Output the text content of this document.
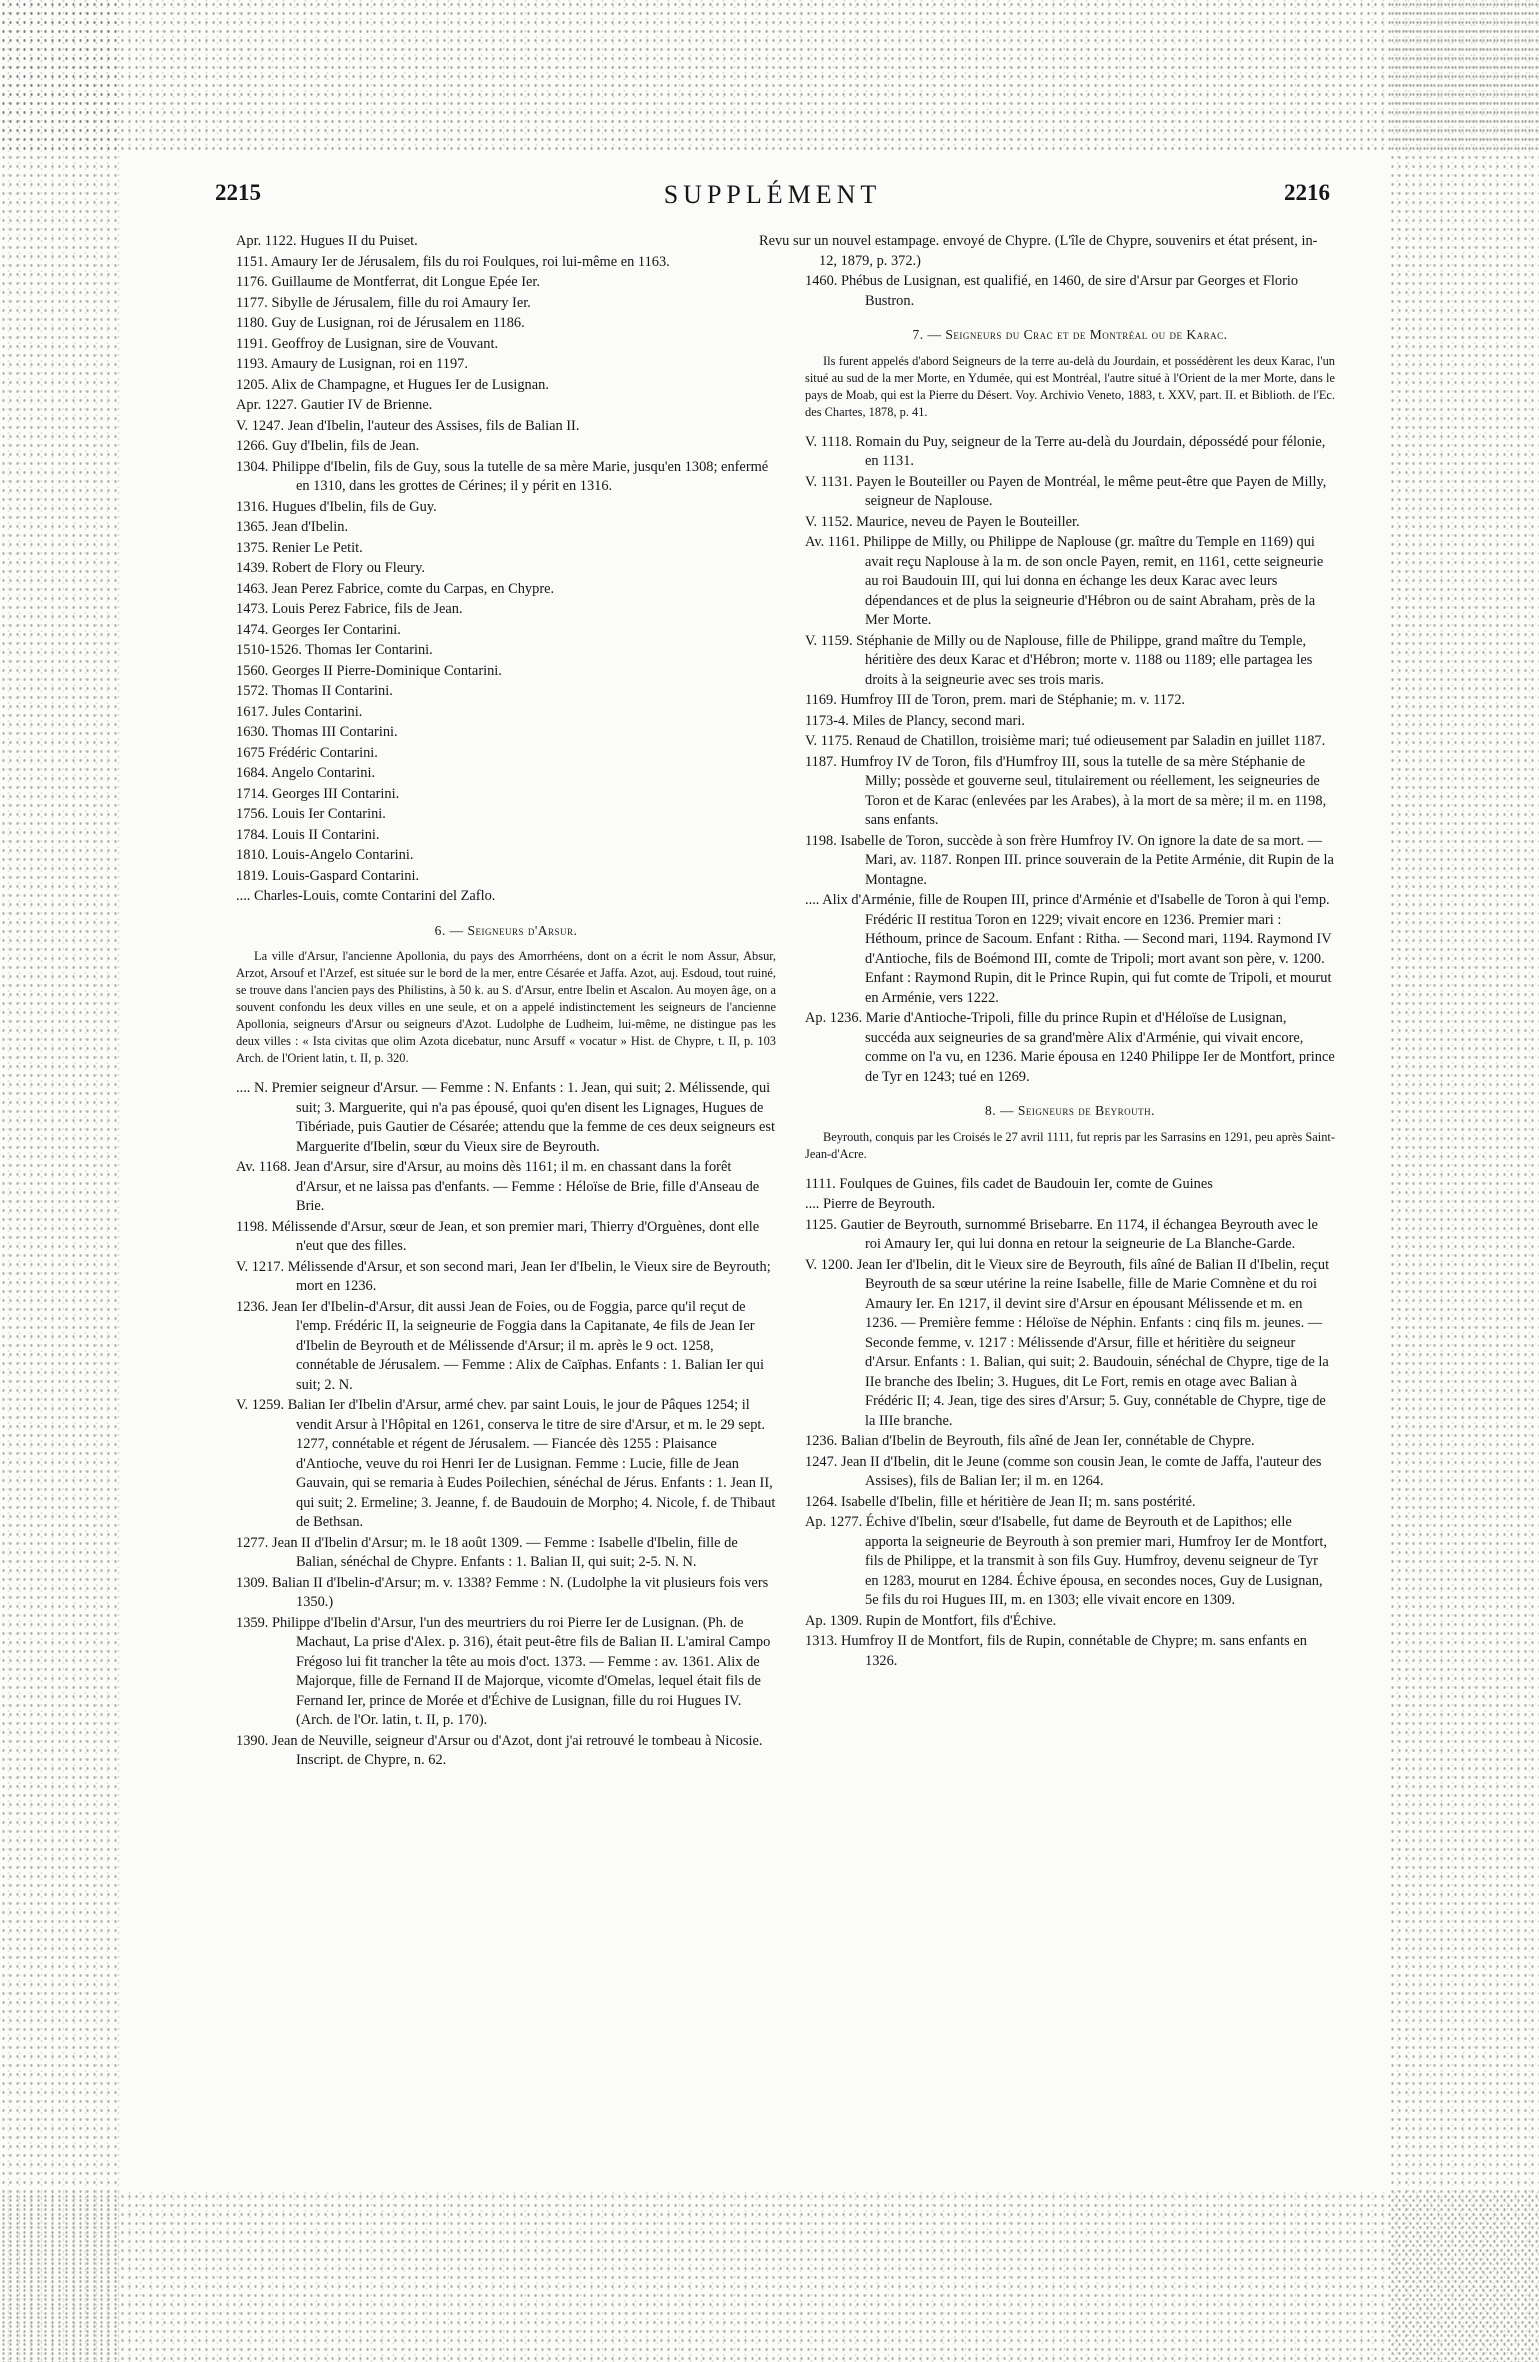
2215	SUPPLÉMENT	2216
Apr. 1122. Hugues II du Puiset.
1151. Amaury Ier de Jérusalem, fils du roi Foulques, roi lui-même en 1163.
1176. Guillaume de Montferrat, dit Longue Epée Ier.
1177. Sibylle de Jérusalem, fille du roi Amaury Ier.
1180. Guy de Lusignan, roi de Jérusalem en 1186.
1191. Geoffroy de Lusignan, sire de Vouvant.
1193. Amaury de Lusignan, roi en 1197.
1205. Alix de Champagne, et Hugues Ier de Lusignan.
Apr. 1227. Gautier IV de Brienne.
V. 1247. Jean d'Ibelin, l'auteur des Assises, fils de Balian II.
1266. Guy d'Ibelin, fils de Jean.
1304. Philippe d'Ibelin, fils de Guy, sous la tutelle de sa mère Marie, jusqu'en 1308; enfermé en 1310, dans les grottes de Cérines; il y périt en 1316.
1316. Hugues d'Ibelin, fils de Guy.
1365. Jean d'Ibelin.
1375. Renier Le Petit.
1439. Robert de Flory ou Fleury.
1463. Jean Perez Fabrice, comte du Carpas, en Chypre.
1473. Louis Perez Fabrice, fils de Jean.
1474. Georges Ier Contarini.
1510-1526. Thomas Ier Contarini.
1560. Georges II Pierre-Dominique Contarini.
1572. Thomas II Contarini.
1617. Jules Contarini.
1630. Thomas III Contarini.
1675 Frédéric Contarini.
1684. Angelo Contarini.
1714. Georges III Contarini.
1756. Louis Ier Contarini.
1784. Louis II Contarini.
1810. Louis-Angelo Contarini.
1819. Louis-Gaspard Contarini.
.... Charles-Louis, comte Contarini del Zaflo.
6. — Seigneurs d'Arsur.
La ville d'Arsur, l'ancienne Apollonia, du pays des Amorrhéens, dont on a écrit le nom Assur, Absur, Arzot, Arsouf et l'Arzef, est située sur le bord de la mer, entre Césarée et Jaffa. Azot, auj. Esdoud, tout ruiné, se trouve dans l'ancien pays des Philistins, à 50 k. au S. d'Arsur, entre Ibelin et Ascalon. Au moyen âge, on a souvent confondu les deux villes en une seule, et on a appelé indistinctement les seigneurs de l'ancienne Apollonia, seigneurs d'Arsur ou seigneurs d'Azot. Ludolphe de Ludheim, lui-même, ne distingue pas les deux villes : « Ista civitas que olim Azota dicebatur, nunc Arsuff « vocatur » Hist. de Chypre, t. II, p. 103 Arch. de l'Orient latin, t. II, p. 320.
.... N. Premier seigneur d'Arsur. — Femme : N. Enfants : 1. Jean, qui suit; 2. Mélissende, qui suit; 3. Marguerite, qui n'a pas épousé, quoi qu'en disent les Lignages, Hugues de Tibériade, puis Gautier de Césarée; attendu que la femme de ces deux seigneurs est Marguerite d'Ibelin, sœur du Vieux sire de Beyrouth.
Av. 1168. Jean d'Arsur, sire d'Arsur, au moins dès 1161; il m. en chassant dans la forêt d'Arsur, et ne laissa pas d'enfants. — Femme : Héloïse de Brie, fille d'Anseau de Brie.
1198. Mélissende d'Arsur, sœur de Jean, et son premier mari, Thierry d'Orguènes, dont elle n'eut que des filles.
V. 1217. Mélissende d'Arsur, et son second mari, Jean Ier d'Ibelin, le Vieux sire de Beyrouth; mort en 1236.
1236. Jean Ier d'Ibelin-d'Arsur, dit aussi Jean de Foies, ou de Foggia, parce qu'il reçut de l'emp. Frédéric II, la seigneurie de Foggia dans la Capitanate, 4e fils de Jean Ier d'Ibelin de Beyrouth et de Mélissende d'Arsur; il m. après le 9 oct. 1258, connétable de Jérusalem. — Femme : Alix de Caïphas. Enfants : 1. Balian Ier qui suit; 2. N.
V. 1259. Balian Ier d'Ibelin d'Arsur, armé chev. par saint Louis, le jour de Pâques 1254; il vendit Arsur à l'Hôpital en 1261, conserva le titre de sire d'Arsur, et m. le 29 sept. 1277, connétable et régent de Jérusalem. — Fiancée dès 1255 : Plaisance d'Antioche, veuve du roi Henri Ier de Lusignan. Femme : Lucie, fille de Jean Gauvain, qui se remaria à Eudes Poilechien, sénéchal de Jérus. Enfants : 1. Jean II, qui suit; 2. Ermeline; 3. Jeanne, f. de Baudouin de Morpho; 4. Nicole, f. de Thibaut de Bethsan.
1277. Jean II d'Ibelin d'Arsur; m. le 18 août 1309. — Femme : Isabelle d'Ibelin, fille de Balian, sénéchal de Chypre. Enfants : 1. Balian II, qui suit; 2-5. N. N.
1309. Balian II d'Ibelin-d'Arsur; m. v. 1338? Femme : N. (Ludolphe la vit plusieurs fois vers 1350.)
1359. Philippe d'Ibelin d'Arsur, l'un des meurtriers du roi Pierre Ier de Lusignan. (Ph. de Machaut, La prise d'Alex. p. 316), était peut-être fils de Balian II. L'amiral Campo Frégoso lui fit trancher la tête au mois d'oct. 1373. — Femme : av. 1361. Alix de Majorque, fille de Fernand II de Majorque, vicomte d'Omelas, lequel était fils de Fernand Ier, prince de Morée et d'Échive de Lusignan, fille du roi Hugues IV. (Arch. de l'Or. latin, t. II, p. 170).
1390. Jean de Neuville, seigneur d'Arsur ou d'Azot, dont j'ai retrouvé le tombeau à Nicosie. Inscript. de Chypre, n. 62.
Revu sur un nouvel estampage. envoyé de Chypre. (L'île de Chypre, souvenirs et état présent, in-12, 1879, p. 372.)
1460. Phébus de Lusignan, est qualifié, en 1460, de sire d'Arsur par Georges et Florio Bustron.
7. — Seigneurs du Crac et de Montréal ou de Karac.
Ils furent appelés d'abord Seigneurs de la terre au-delà du Jourdain, et possédèrent les deux Karac, l'un situé au sud de la mer Morte, en Ydumée, qui est Montréal, l'autre situé à l'Orient de la mer Morte, dans le pays de Moab, qui est la Pierre du Désert. Voy. Archivio Veneto, 1883, t. XXV, part. II. et Biblioth. de l'Ec. des Chartes, 1878, p. 41.
V. 1118. Romain du Puy, seigneur de la Terre au-delà du Jourdain, dépossédé pour félonie, en 1131.
V. 1131. Payen le Bouteiller ou Payen de Montréal, le même peut-être que Payen de Milly, seigneur de Naplouse.
V. 1152. Maurice, neveu de Payen le Bouteiller.
Av. 1161. Philippe de Milly, ou Philippe de Naplouse (gr. maître du Temple en 1169) qui avait reçu Naplouse à la m. de son oncle Payen, remit, en 1161, cette seigneurie au roi Baudouin III, qui lui donna en échange les deux Karac avec leurs dépendances et de plus la seigneurie d'Hébron ou de saint Abraham, près de la Mer Morte.
V. 1159. Stéphanie de Milly ou de Naplouse, fille de Philippe, grand maître du Temple, héritière des deux Karac et d'Hébron; morte v. 1188 ou 1189; elle partagea les droits à la seigneurie avec ses trois maris.
1169. Humfroy III de Toron, prem. mari de Stéphanie; m. v. 1172.
1173-4. Miles de Plancy, second mari.
V. 1175. Renaud de Chatillon, troisième mari; tué odieusement par Saladin en juillet 1187.
1187. Humfroy IV de Toron, fils d'Humfroy III, sous la tutelle de sa mère Stéphanie de Milly; possède et gouverne seul, titulairement ou réellement, les seigneuries de Toron et de Karac (enlevées par les Arabes), à la mort de sa mère; il m. en 1198, sans enfants.
1198. Isabelle de Toron, succède à son frère Humfroy IV. On ignore la date de sa mort. — Mari, av. 1187. Ronpen III. prince souverain de la Petite Arménie, dit Rupin de la Montagne.
.... Alix d'Arménie, fille de Roupen III, prince d'Arménie et d'Isabelle de Toron à qui l'emp. Frédéric II restitua Toron en 1229; vivait encore en 1236. Premier mari : Héthoum, prince de Sacoum. Enfant : Ritha. — Second mari, 1194. Raymond IV d'Antioche, fils de Boémond III, comte de Tripoli; mort avant son père, v. 1200. Enfant : Raymond Rupin, dit le Prince Rupin, qui fut comte de Tripoli, et mourut en Arménie, vers 1222.
Ap. 1236. Marie d'Antioche-Tripoli, fille du prince Rupin et d'Héloïse de Lusignan, succéda aux seigneuries de sa grand'mère Alix d'Arménie, qui vivait encore, comme on l'a vu, en 1236. Marie épousa en 1240 Philippe Ier de Montfort, prince de Tyr en 1243; tué en 1269.
8. — Seigneurs de Beyrouth.
Beyrouth, conquis par les Croisés le 27 avril 1111, fut repris par les Sarrasins en 1291, peu après Saint-Jean-d'Acre.
1111. Foulques de Guines, fils cadet de Baudouin Ier, comte de Guines
.... Pierre de Beyrouth.
1125. Gautier de Beyrouth, surnommé Brisebarre. En 1174, il échangea Beyrouth avec le roi Amaury Ier, qui lui donna en retour la seigneurie de La Blanche-Garde.
V. 1200. Jean Ier d'Ibelin, dit le Vieux sire de Beyrouth, fils aîné de Balian II d'Ibelin, reçut Beyrouth de sa sœur utérine la reine Isabelle, fille de Marie Comnène et du roi Amaury Ier. En 1217, il devint sire d'Arsur en épousant Mélissende et m. en 1236. — Première femme : Héloïse de Néphin. Enfants : cinq fils m. jeunes. — Seconde femme, v. 1217 : Mélissende d'Arsur, fille et héritière du seigneur d'Arsur. Enfants : 1. Balian, qui suit; 2. Baudouin, sénéchal de Chypre, tige de la IIe branche des Ibelin; 3. Hugues, dit Le Fort, remis en otage avec Balian à Frédéric II; 4. Jean, tige des sires d'Arsur; 5. Guy, connétable de Chypre, tige de la IIIe branche.
1236. Balian d'Ibelin de Beyrouth, fils aîné de Jean Ier, connétable de Chypre.
1247. Jean II d'Ibelin, dit le Jeune (comme son cousin Jean, le comte de Jaffa, l'auteur des Assises), fils de Balian Ier; il m. en 1264.
1264. Isabelle d'Ibelin, fille et héritière de Jean II; m. sans postérité.
Ap. 1277. Échive d'Ibelin, sœur d'Isabelle, fut dame de Beyrouth et de Lapithos; elle apporta la seigneurie de Beyrouth à son premier mari, Humfroy Ier de Montfort, fils de Philippe, et la transmit à son fils Guy. Humfroy, devenu seigneur de Tyr en 1283, mourut en 1284. Échive épousa, en secondes noces, Guy de Lusignan, 5e fils du roi Hugues III, m. en 1303; elle vivait encore en 1309.
Ap. 1309. Rupin de Montfort, fils d'Échive.
1313. Humfroy II de Montfort, fils de Rupin, connétable de Chypre; m. sans enfants en 1326.
